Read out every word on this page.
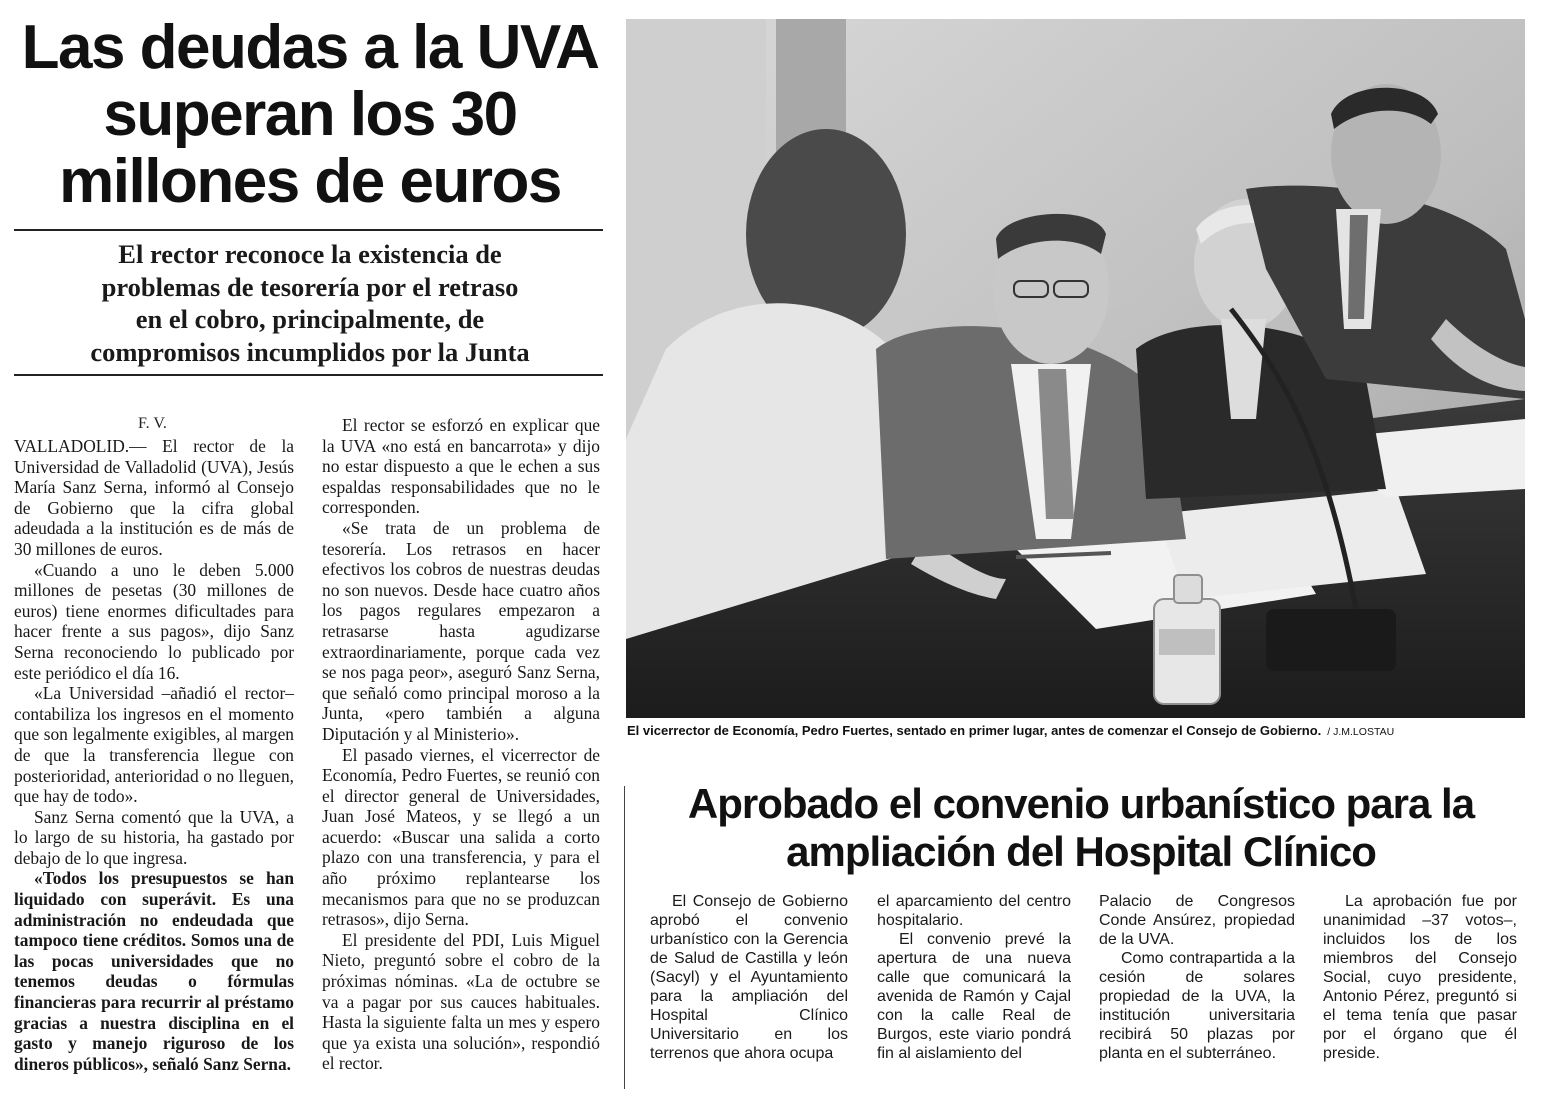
Las deudas a la UVA
superan los 30
millones de euros
El rector reconoce la existencia de
problemas de tesorería por el retraso
en el cobro, principalmente, de
compromisos incumplidos por la Junta
F. V.

VALLADOLID.— El rector de la Universidad de Valladolid (UVA), Jesús María Sanz Serna, informó al Consejo de Gobierno que la cifra global adeudada a la institución es de más de 30 millones de euros.

«Cuando a uno le deben 5.000 millones de pesetas (30 millones de euros) tiene enormes dificultades para hacer frente a sus pagos», dijo Sanz Serna reconociendo lo publicado por este periódico el día 16.

«La Universidad –añadió el rector– contabiliza los ingresos en el momento que son legalmente exigibles, al margen de que la transferencia llegue con posterioridad, anterioridad o no lleguen, que hay de todo».

Sanz Serna comentó que la UVA, a lo largo de su historia, ha gastado por debajo de lo que ingresa.

«Todos los presupuestos se han liquidado con superávit. Es una administración no endeudada que tampoco tiene créditos. Somos una de las pocas universidades que no tenemos deudas o fórmulas financieras para recurrir al préstamo gracias a nuestra disciplina en el gasto y manejo riguroso de los dineros públicos», señaló Sanz Serna.

El rector se esforzó en explicar que la UVA «no está en bancarrota» y dijo no estar dispuesto a que le echen a sus espaldas responsabilidades que no le corresponden.

«Se trata de un problema de tesorería. Los retrasos en hacer efectivos los cobros de nuestras deudas no son nuevos. Desde hace cuatro años los pagos regulares empezaron a retrasarse hasta agudizarse extraordinariamente, porque cada vez se nos paga peor», aseguró Sanz Serna, que señaló como principal moroso a la Junta, «pero también a alguna Diputación y al Ministerio».

El pasado viernes, el vicerrector de Economía, Pedro Fuertes, se reunió con el director general de Universidades, Juan José Mateos, y se llegó a un acuerdo: «Buscar una salida a corto plazo con una transferencia, y para el año próximo replantearse los mecanismos para que no se produzcan retrasos», dijo Serna.

El presidente del PDI, Luis Miguel Nieto, preguntó sobre el cobro de la próximas nóminas. «La de octubre se va a pagar por sus cauces habituales. Hasta la siguiente falta un mes y espero que ya exista una solución», respondió el rector.

El vicerrector de Economía, Pedro Fuertes, sentado en primer lugar, antes de comenzar el Consejo de Gobierno. / J.M.LOSTAU
Aprobado el convenio urbanístico para la
ampliación del Hospital Clínico

El Consejo de Gobierno aprobó el convenio urbanístico con la Gerencia de Salud de Castilla y león (Sacyl) y el Ayuntamiento para la ampliación del Hospital Clínico Universitario en los terrenos que ahora ocupa

el aparcamiento del centro hospitalario.

El convenio prevé la apertura de una nueva calle que comunicará la avenida de Ramón y Cajal con la calle Real de Burgos, este viario pondrá fin al aislamiento del

Palacio de Congresos Conde Ansúrez, propiedad de la UVA.

Como contrapartida a la cesión de solares propiedad de la UVA, la institución universitaria recibirá 50 plazas por planta en el subterráneo.

La aprobación fue por unanimidad –37 votos–, incluidos los de los miembros del Consejo Social, cuyo presidente, Antonio Pérez, preguntó si el tema tenía que pasar por el órgano que él preside.
